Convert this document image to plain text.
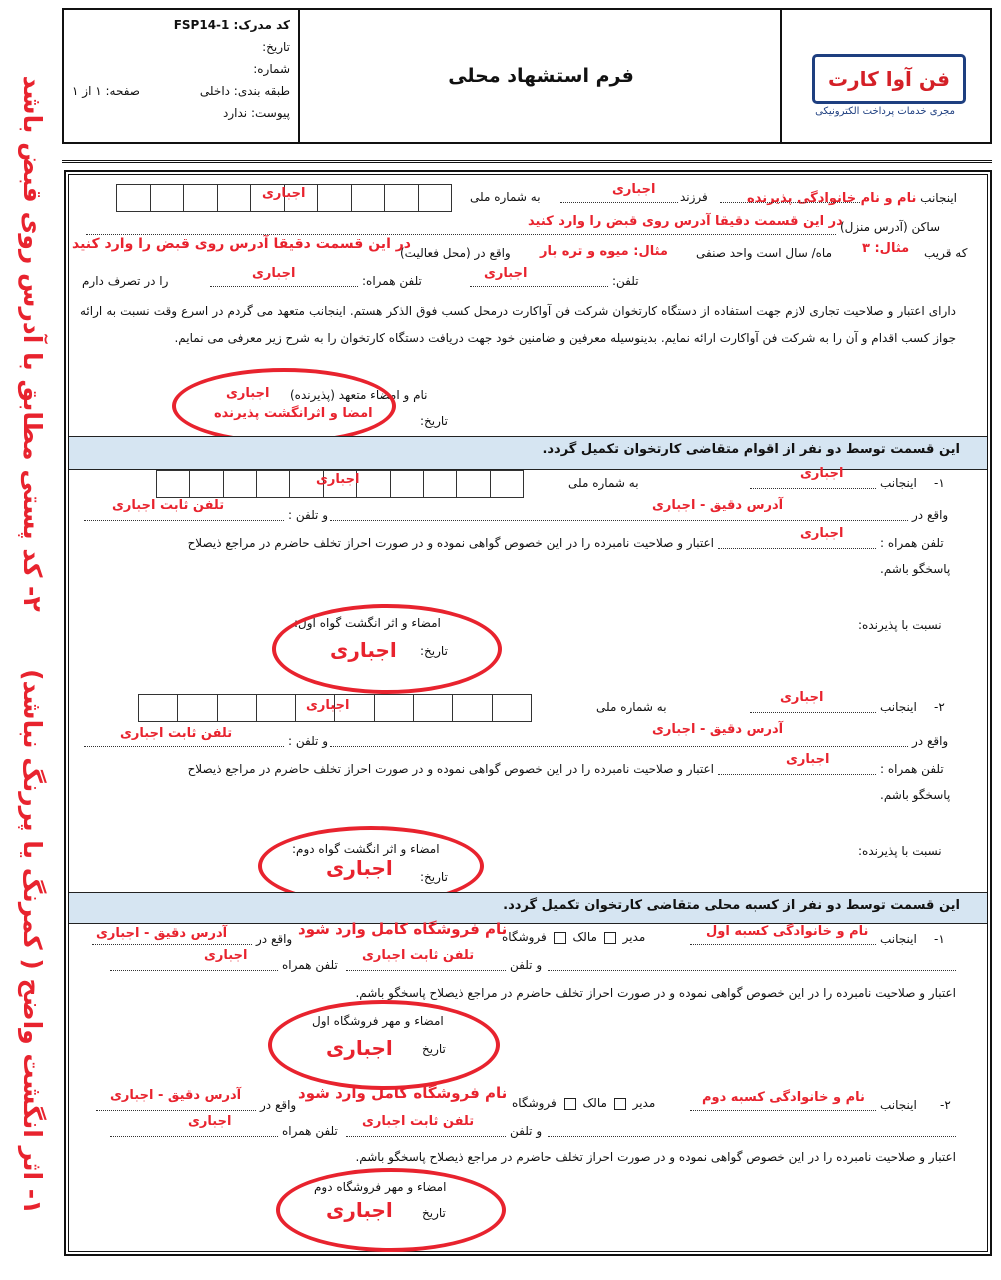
۱- اثر انگشت واضح ( کمرنگ یا پررنگ نباشد)  ۲- کد پستی مطابق با آدرس روی قبض باشد
کد مدرک: FSP14-1
تاریخ:
شماره:
طبقه بندی: داخلی
صفحه: ۱ از ۱
پیوست: ندارد
فرم استشهاد محلی	فن آوا کارت
مجری خدمات پرداخت الکترونیکی
اینجانب نام و نام خانوادگی پذیرنده
فرزند
اجباری
به شماره ملی
اجباری
ساکن (آدرس منزل)
در این قسمت دقیقا آدرس روی قبض را وارد کنید
که قریب
مثال: ۳
ماه/ سال است واحد صنفی
مثال: میوه و تره بار
واقع در (محل فعالیت)
در این قسمت دقیقا آدرس روی قبض را وارد کنید
تلفن:
اجباری
تلفن همراه:
اجباری
را در تصرف دارم
دارای اعتبار و صلاحیت تجاری لازم جهت استفاده از دستگاه کارتخوان شرکت فن آواکارت درمحل کسب فوق الذکر هستم. اینجانب متعهد می گردم در اسرع وقت نسبت به ارائه جواز کسب اقدام و آن را به شرکت فن آواکارت ارائه نمایم. بدینوسیله معرفین و ضامنین خود جهت دریافت دستگاه کارتخوان را به شرح زیر معرفی می نمایم.
نام و امضاء متعهد (پذیرنده)
تاریخ:
اجباری
امضا و اثرانگشت پذیرنده
این قسمت توسط دو نفر از اقوام متقاضی کارتخوان تکمیل گردد.
۱-
اینجانب
اجباری
به شماره ملی
اجباری
واقع در
آدرس دقیق - اجباری
و تلفن :
تلفن ثابت اجباری
تلفن همراه :
اجباری
اعتبار و صلاحیت نامبرده را در این خصوص گواهی نموده و در صورت احراز تخلف حاضرم در مراجع ذیصلاح
پاسخگو باشم.
نسبت با پذیرنده:
امضاء و اثر انگشت گواه اول:
تاریخ:
اجباری
۲-
اینجانب
اجباری
به شماره ملی
اجباری
واقع در
آدرس دقیق - اجباری
و تلفن :
تلفن ثابت اجباری
تلفن همراه :
اجباری
اعتبار و صلاحیت نامبرده را در این خصوص گواهی نموده و در صورت احراز تخلف حاضرم در مراجع ذیصلاح
پاسخگو باشم.
نسبت با پذیرنده:
امضاء و اثر انگشت گواه دوم:
تاریخ:
اجباری
این قسمت توسط دو نفر از کسبه محلی متقاضی کارتخوان تکمیل گردد.
۱-
اینجانب
نام و خانوادگی کسبه اول
مدیر  مالک  فروشگاه
نام فروشگاه کامل وارد شود
واقع در
آدرس دقیق - اجباری
و تلفن
تلفن ثابت اجباری
تلفن همراه
اجباری
اعتبار و صلاحیت نامبرده را در این خصوص گواهی نموده و در صورت احراز تخلف حاضرم در مراجع ذیصلاح پاسخگو باشم.
امضاء و مهر فروشگاه اول
تاریخ
اجباری
۲-
اینجانب
نام و خانوادگی کسبه دوم
مدیر  مالک  فروشگاه
نام فروشگاه کامل وارد شود
واقع در
آدرس دقیق - اجباری
و تلفن
تلفن ثابت اجباری
تلفن همراه
اجباری
اعتبار و صلاحیت نامبرده را در این خصوص گواهی نموده و در صورت احراز تخلف حاضرم در مراجع ذیصلاح پاسخگو باشم.
امضاء و مهر فروشگاه دوم
تاریخ
اجباری
